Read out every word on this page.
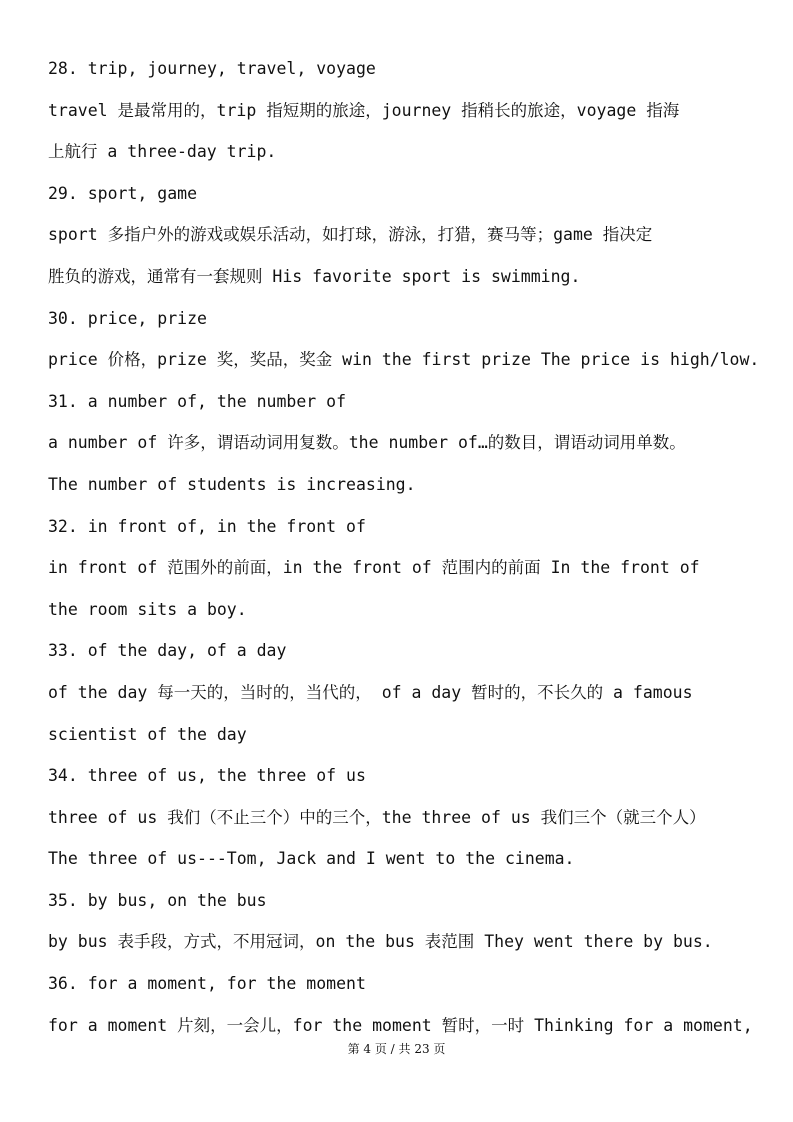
28. trip, journey, travel, voyage
travel 是最常用的，trip 指短期的旅途，journey 指稍长的旅途，voyage 指海
上航行 a three-day trip.
29. sport, game
sport 多指户外的游戏或娱乐活动，如打球，游泳，打猎，赛马等；game 指决定
胜负的游戏，通常有一套规则 His favorite sport is swimming.
30. price, prize
price 价格，prize 奖，奖品，奖金 win the first prize The price is high/low.
31. a number of, the number of
a number of 许多，谓语动词用复数。the number of…的数目，谓语动词用单数。
The number of students is increasing.
32. in front of, in the front of
in front of 范围外的前面，in the front of 范围内的前面 In the front of
the room sits a boy.
33. of the day, of a day
of the day 每一天的，当时的，当代的， of a day 暂时的，不长久的 a famous
scientist of the day
34. three of us, the three of us
three of us 我们（不止三个）中的三个，the three of us 我们三个（就三个人）
The three of us---Tom, Jack and I went to the cinema.
35. by bus, on the bus
by bus 表手段，方式，不用冠词，on the bus 表范围 They went there by bus.
36. for a moment, for the moment
for a moment 片刻，一会儿，for the moment 暂时，一时 Thinking for a moment,
第 4 页 / 共 23 页
